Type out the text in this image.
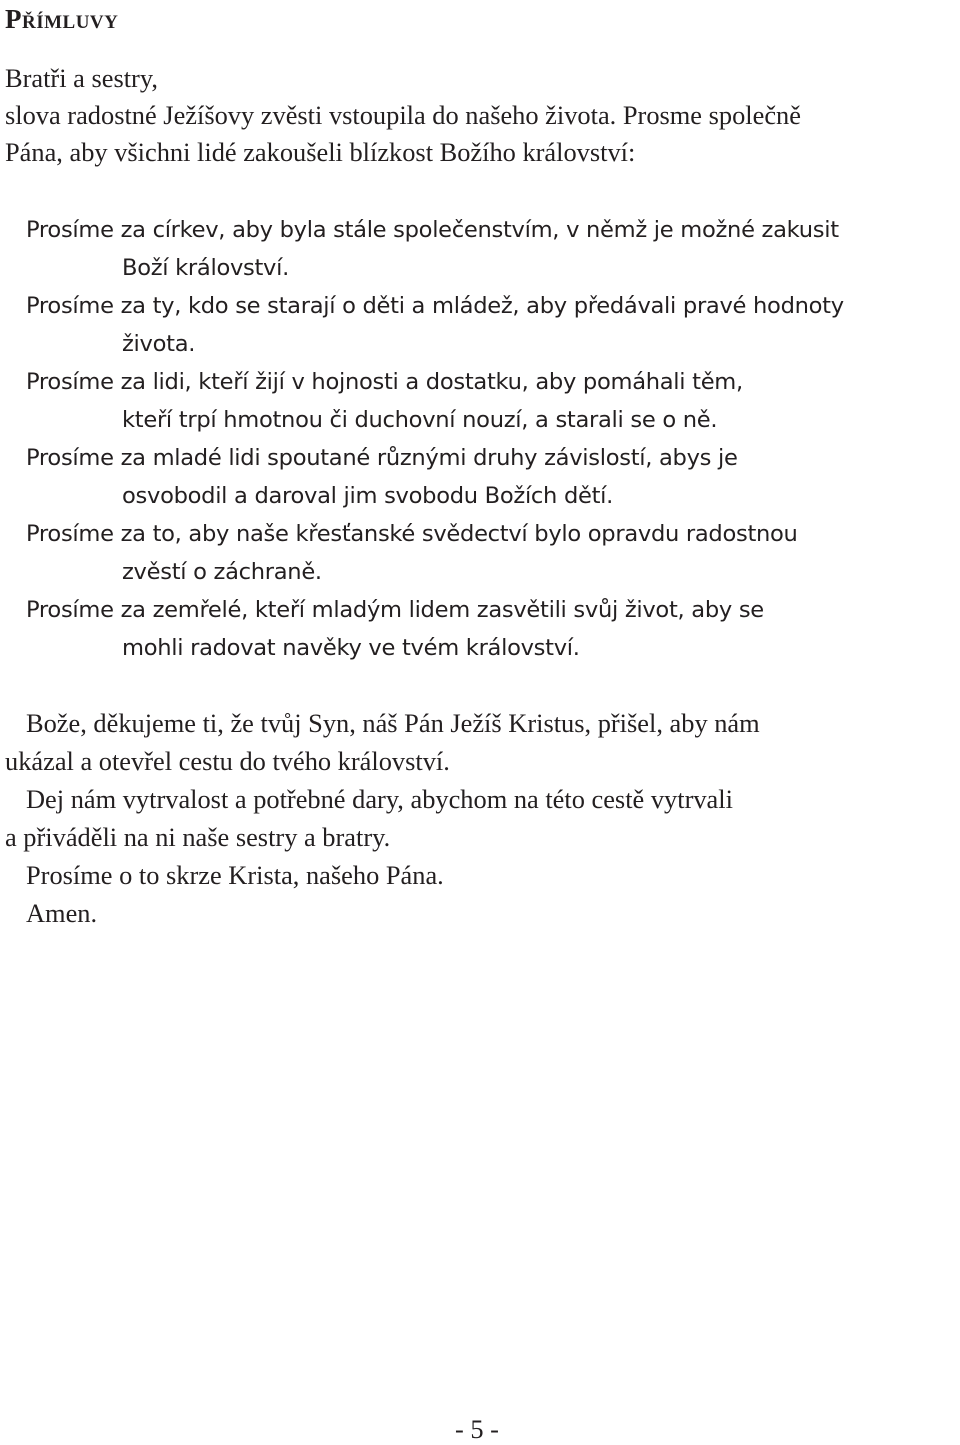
Přímluvy
Bratři a sestry,
slova radostné Ježíšovy zvěsti vstoupila do našeho života. Prosme společně
Pána, aby všichni lidé zakoušeli blízkost Božího království:
Prosíme za církev, aby byla stále společenstvím, v němž je možné zakusit
Boží království.
Prosíme za ty, kdo se starají o děti a mládež, aby předávali pravé hodnoty
života.
Prosíme za lidi, kteří žijí v hojnosti a dostatku, aby pomáhali těm,
kteří trpí hmotnou či duchovní nouzí, a starali se o ně.
Prosíme za mladé lidi spoutané různými druhy závislostí, abys je
osvobodil a daroval jim svobodu Božích dětí.
Prosíme za to, aby naše křesťanské svědectví bylo opravdu radostnou
zvěstí o záchraně.
Prosíme za zemřelé, kteří mladým lidem zasvětili svůj život, aby se
mohli radovat navěky ve tvém království.
Bože, děkujeme ti, že tvůj Syn, náš Pán Ježíš Kristus, přišel, aby nám
ukázal a otevřel cestu do tvého království.
Dej nám vytrvalost a potřebné dary, abychom na této cestě vytrvali
a přiváděli na ni naše sestry a bratry.
Prosíme o to skrze Krista, našeho Pána.
Amen.
- 5 -
